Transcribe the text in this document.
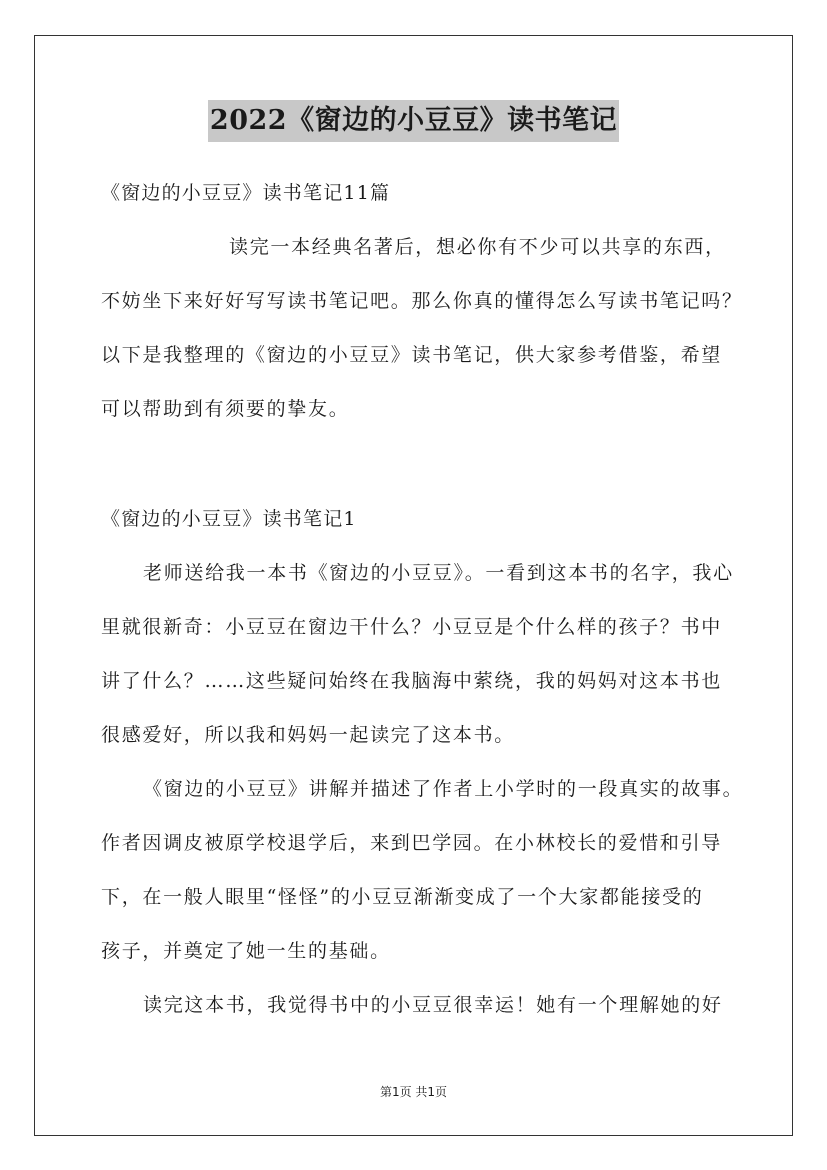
2022《窗边的小豆豆》读书笔记
《窗边的小豆豆》读书笔记11篇
读完一本经典名著后，想必你有不少可以共享的东西，
不妨坐下来好好写写读书笔记吧。那么你真的懂得怎么写读书笔记吗？
以下是我整理的《窗边的小豆豆》读书笔记，供大家参考借鉴，希望
可以帮助到有须要的挚友。
《窗边的小豆豆》读书笔记1
老师送给我一本书《窗边的小豆豆》。一看到这本书的名字，我心
里就很新奇：小豆豆在窗边干什么？小豆豆是个什么样的孩子？书中
讲了什么？……这些疑问始终在我脑海中萦绕，我的妈妈对这本书也
很感爱好，所以我和妈妈一起读完了这本书。
《窗边的小豆豆》讲解并描述了作者上小学时的一段真实的故事。
作者因调皮被原学校退学后，来到巴学园。在小林校长的爱惜和引导
下，在一般人眼里“怪怪”的小豆豆渐渐变成了一个大家都能接受的
孩子，并奠定了她一生的基础。
读完这本书，我觉得书中的小豆豆很幸运！她有一个理解她的好
第1页 共1页
